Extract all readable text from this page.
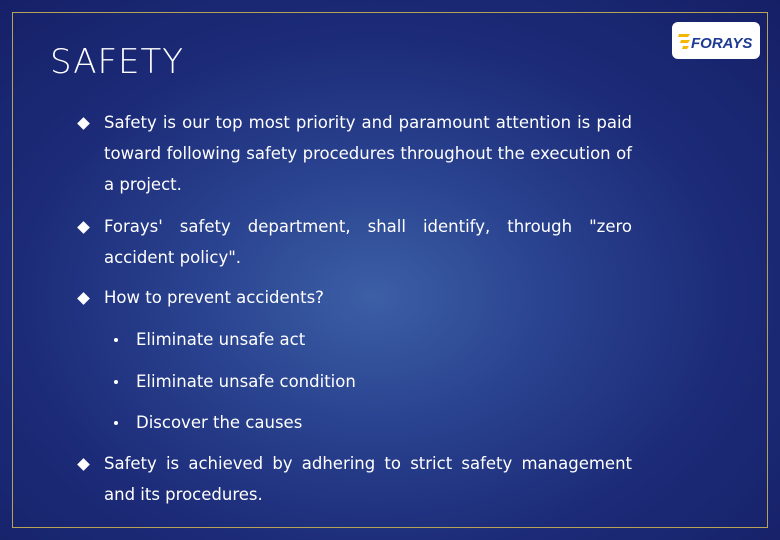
SAFETY	FORAYS
Safety is our top most priority and paramount attention is paid toward following safety procedures throughout the execution of a project.
Forays' safety department, shall identify, through "zero accident policy".
How to prevent accidents?
Eliminate unsafe act
Eliminate unsafe condition
Discover the causes
Safety is achieved by adhering to strict safety management and its procedures.
